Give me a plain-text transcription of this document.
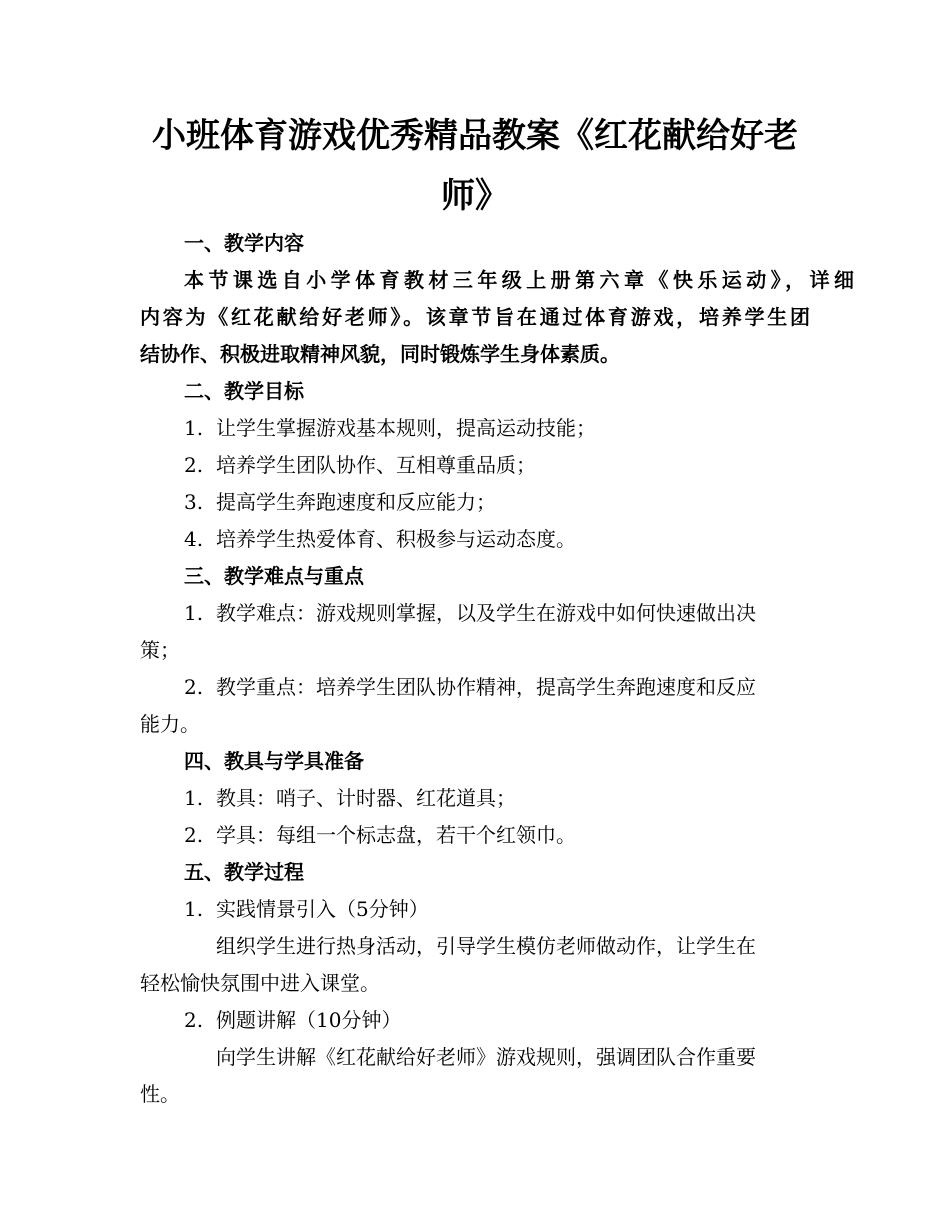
小班体育游戏优秀精品教案《红花献给好老
师》

一、教学内容

本节课选自小学体育教材三年级上册第六章《快乐运动》，详细

内容为《红花献给好老师》。该章节旨在通过体育游戏，培养学生团

结协作、积极进取精神风貌，同时锻炼学生身体素质。

二、教学目标

1. 让学生掌握游戏基本规则，提高运动技能；

2. 培养学生团队协作、互相尊重品质；

3. 提高学生奔跑速度和反应能力；

4. 培养学生热爱体育、积极参与运动态度。

三、教学难点与重点

1. 教学难点：游戏规则掌握，以及学生在游戏中如何快速做出决

策；

2. 教学重点：培养学生团队协作精神，提高学生奔跑速度和反应

能力。

四、教具与学具准备

1. 教具：哨子、计时器、红花道具；

2. 学具：每组一个标志盘，若干个红领巾。

五、教学过程

1. 实践情景引入（5分钟）

组织学生进行热身活动，引导学生模仿老师做动作，让学生在

轻松愉快氛围中进入课堂。

2. 例题讲解（10分钟）

向学生讲解《红花献给好老师》游戏规则，强调团队合作重要

性。
